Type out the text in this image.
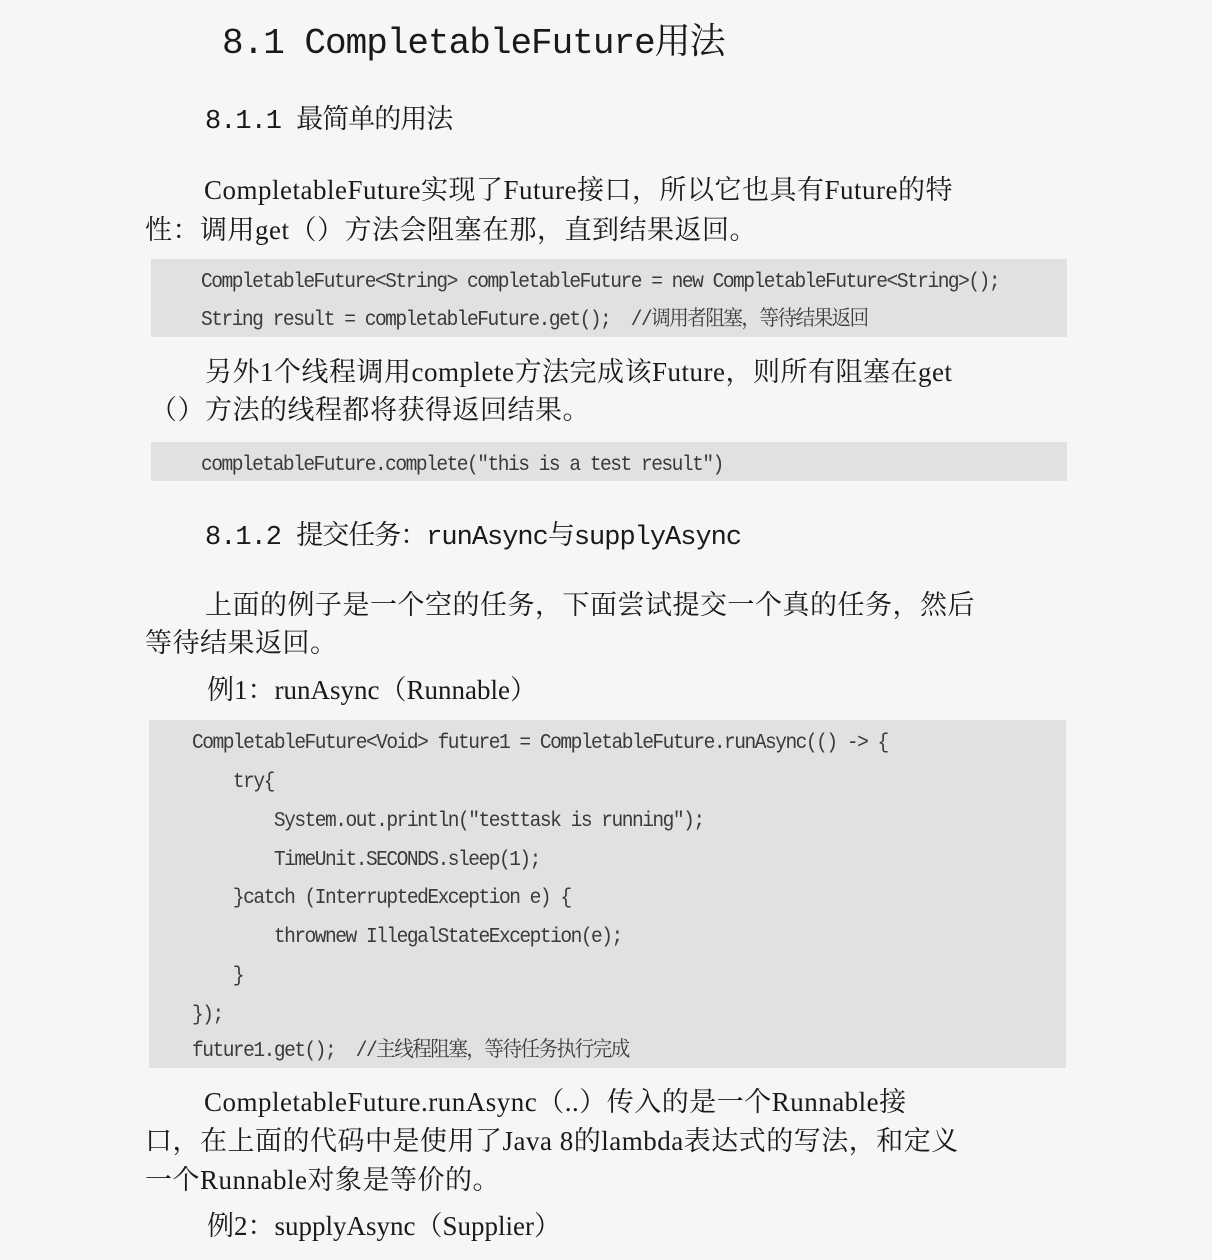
8.1 CompletableFuture用法
8.1.1 最简单的用法
CompletableFuture实现了Future接口，所以它也具有Future的特
性：调用get（）方法会阻塞在那，直到结果返回。
CompletableFuture<String> completableFuture = new CompletableFuture<String>();
String result = completableFuture.get();  //调用者阻塞，等待结果返回
另外1个线程调用complete方法完成该Future，则所有阻塞在get
（）方法的线程都将获得返回结果。
completableFuture.complete("this is a test result")
8.1.2 提交任务：runAsync与supplyAsync
上面的例子是一个空的任务，下面尝试提交一个真的任务，然后
等待结果返回。
例1：runAsync（Runnable）
CompletableFuture<Void> future1 = CompletableFuture.runAsync(() -> {
try{
System.out.println("testtask is running");
TimeUnit.SECONDS.sleep(1);
}catch (InterruptedException e) {
thrownew IllegalStateException(e);
}
});
future1.get();  //主线程阻塞，等待任务执行完成
CompletableFuture.runAsync（..）传入的是一个Runnable接
口，在上面的代码中是使用了Java 8的lambda表达式的写法，和定义
一个Runnable对象是等价的。
例2：supplyAsync（Supplier）
